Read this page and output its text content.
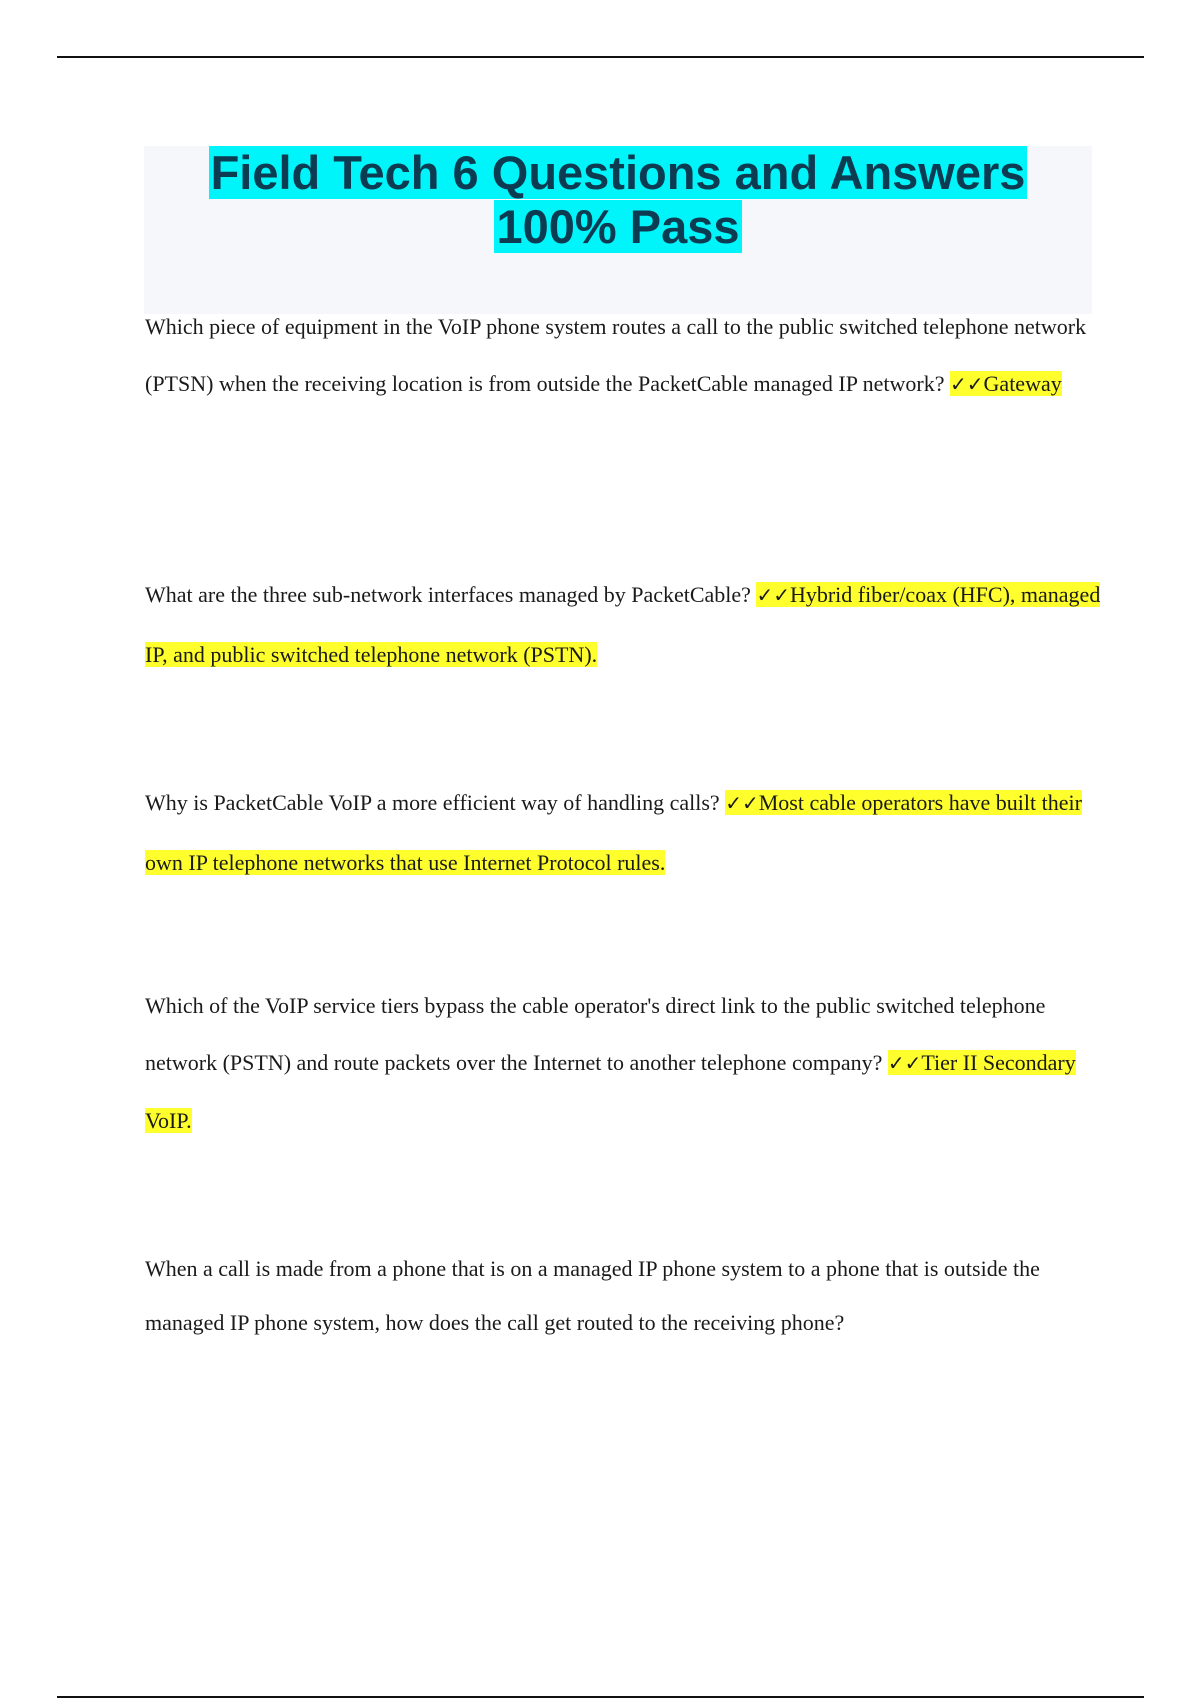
Field Tech 6 Questions and Answers
100% Pass

Which piece of equipment in the VoIP phone system routes a call to the public switched telephone network (PTSN) when the receiving location is from outside the PacketCable managed IP network? ✓✓Gateway

What are the three sub-network interfaces managed by PacketCable? ✓✓Hybrid fiber/coax (HFC), managed IP, and public switched telephone network (PSTN).

Why is PacketCable VoIP a more efficient way of handling calls? ✓✓Most cable operators have built their own IP telephone networks that use Internet Protocol rules.

Which of the VoIP service tiers bypass the cable operator's direct link to the public switched telephone network (PSTN) and route packets over the Internet to another telephone company? ✓✓Tier II Secondary VoIP.

When a call is made from a phone that is on a managed IP phone system to a phone that is outside the managed IP phone system, how does the call get routed to the receiving phone?
